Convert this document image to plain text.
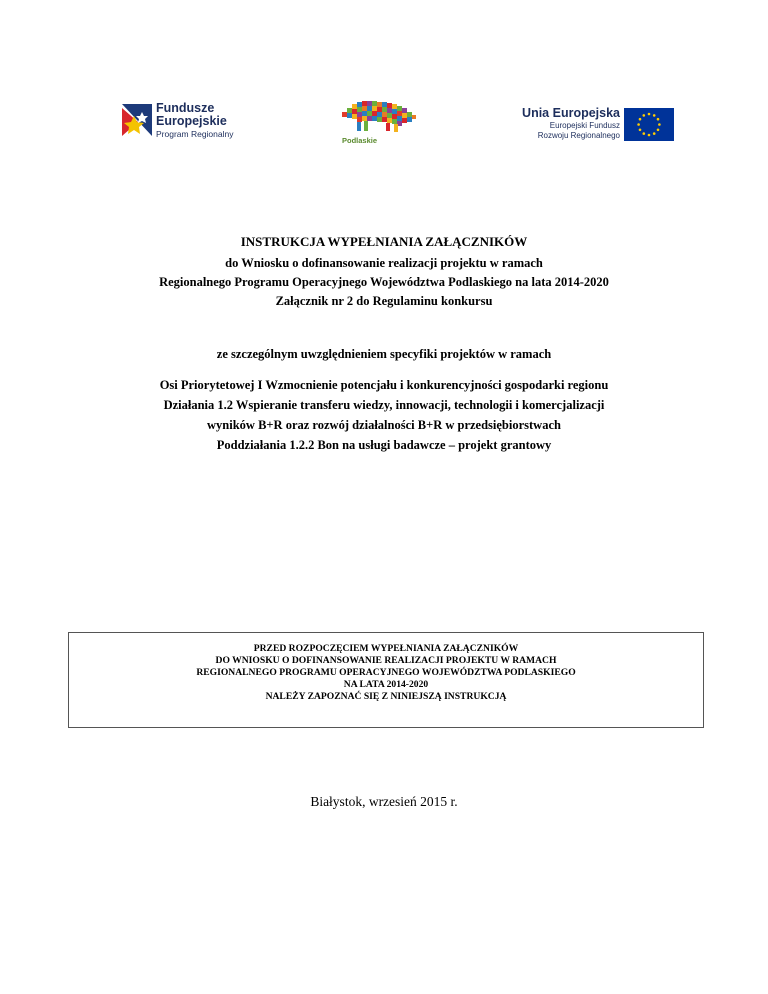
Fundusze
Europejskie
Program Regionalny
Podlaskie
Unia Europejska
Europejski Fundusz
Rozwoju Regionalnego
INSTRUKCJA WYPEŁNIANIA ZAŁĄCZNIKÓW
do Wniosku o dofinansowanie realizacji projektu w ramach
Regionalnego Programu Operacyjnego Województwa Podlaskiego na lata 2014-2020
Załącznik nr 2 do Regulaminu konkursu
ze szczególnym uwzględnieniem specyfiki projektów w ramach
Osi Priorytetowej I Wzmocnienie potencjału i konkurencyjności gospodarki regionu
Działania 1.2 Wspieranie transferu wiedzy, innowacji, technologii i komercjalizacji
wyników B+R oraz rozwój działalności B+R w przedsiębiorstwach
Poddziałania 1.2.2 Bon na usługi badawcze – projekt grantowy
PRZED ROZPOCZĘCIEM WYPEŁNIANIA ZAŁĄCZNIKÓW
DO WNIOSKU O DOFINANSOWANIE REALIZACJI PROJEKTU W RAMACH
REGIONALNEGO PROGRAMU OPERACYJNEGO WOJEWÓDZTWA PODLASKIEGO
NA LATA 2014-2020
NALEŻY ZAPOZNAĆ SIĘ Z NINIEJSZĄ INSTRUKCJĄ
Białystok, wrzesień 2015 r.
